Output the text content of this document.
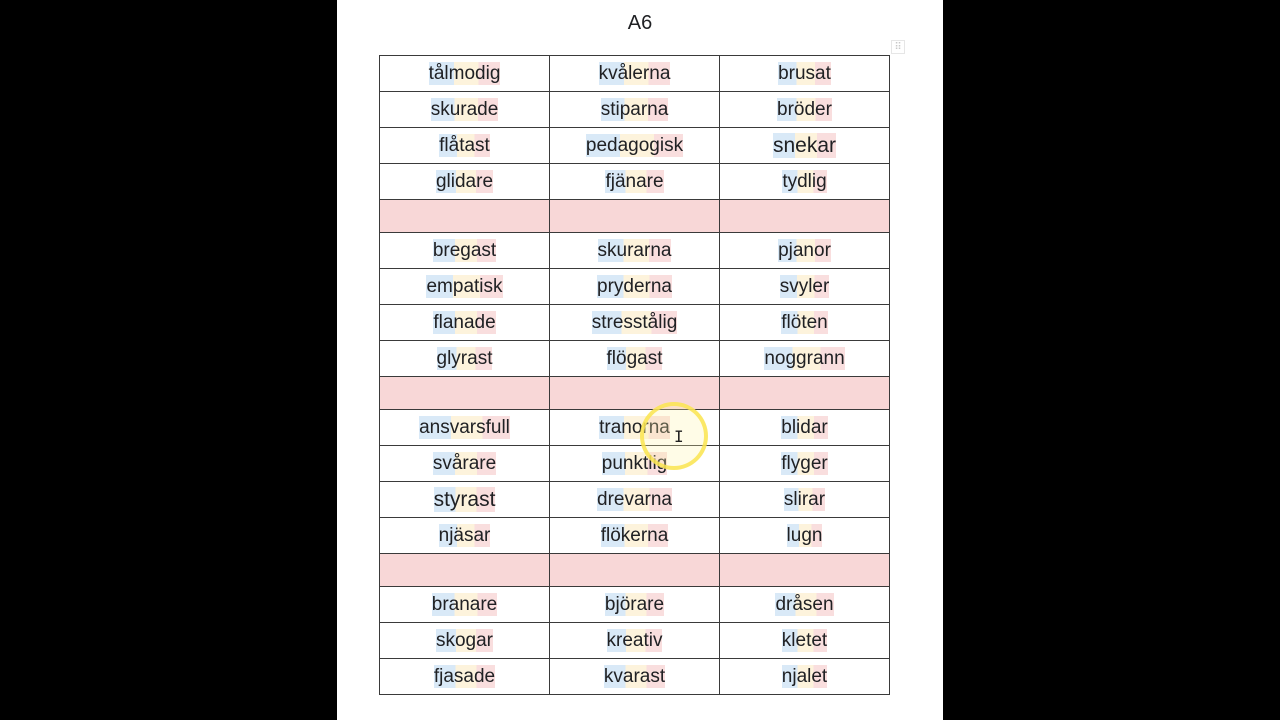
A6
⠿
tålmodig	kvålerna	brusat
skurade	stiparna	bröder
flåtast	pedagogisk	snekar
glidare	fjänare	tydlig

bregast	skurarna	pjanor
empatisk	pryderna	svyler
flanade	stresstålig	flöten
glyrast	flögast	noggrann

ansvarsfull	tranorna	blidar
svårare	punktlig	flyger
styrast	drevarna	slirar
njäsar	flökerna	lugn

branare	björare	dråsen
skogar	kreativ	kletet
fjasade	kvarast	njalet
I
